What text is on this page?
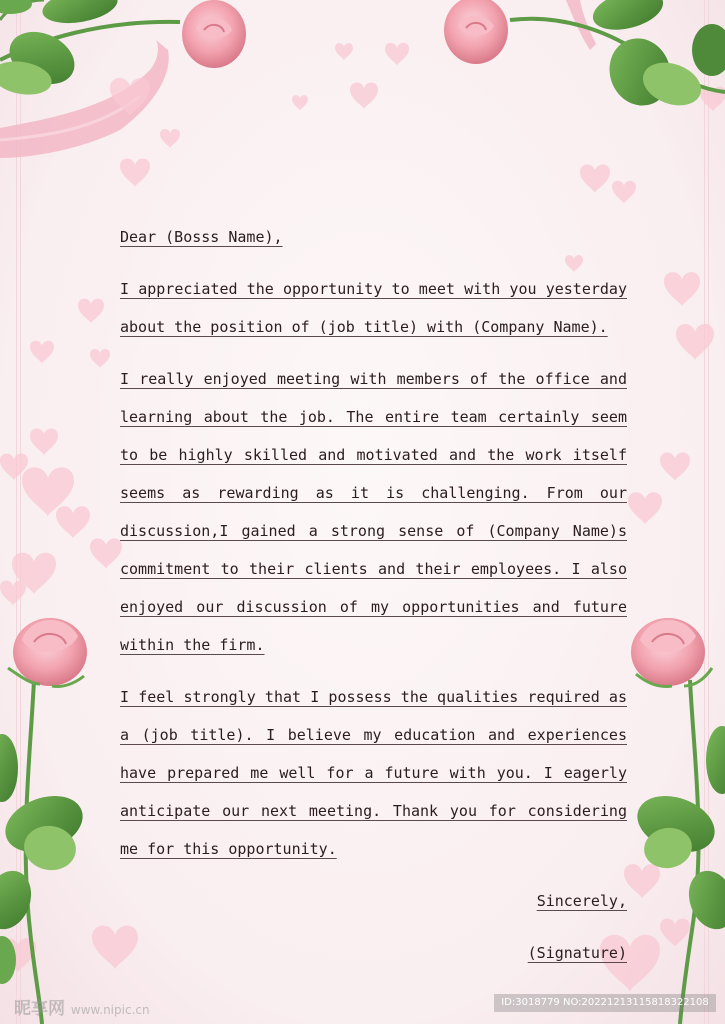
Dear (Bosss Name),

I appreciated the opportunity to meet with you yesterday about the position of (job title) with (Company Name).

I really enjoyed meeting with members of the office and learning about the job. The entire team certainly seem to be highly skilled and motivated and the work itself seems as rewarding as it is challenging. From our discussion,I gained a strong sense of (Company Name)s commitment to their clients and their employees. I also enjoyed our discussion of my opportunities and future within the firm.

I feel strongly that I possess the qualities required as a (job title). I believe my education and experiences have prepared me well for a future with you. I eagerly anticipate our next meeting. Thank you for considering me for this opportunity.

Sincerely,

(Signature)

昵享网 www.nipic.cn
ID:3018779 NO:20221213115818322108
